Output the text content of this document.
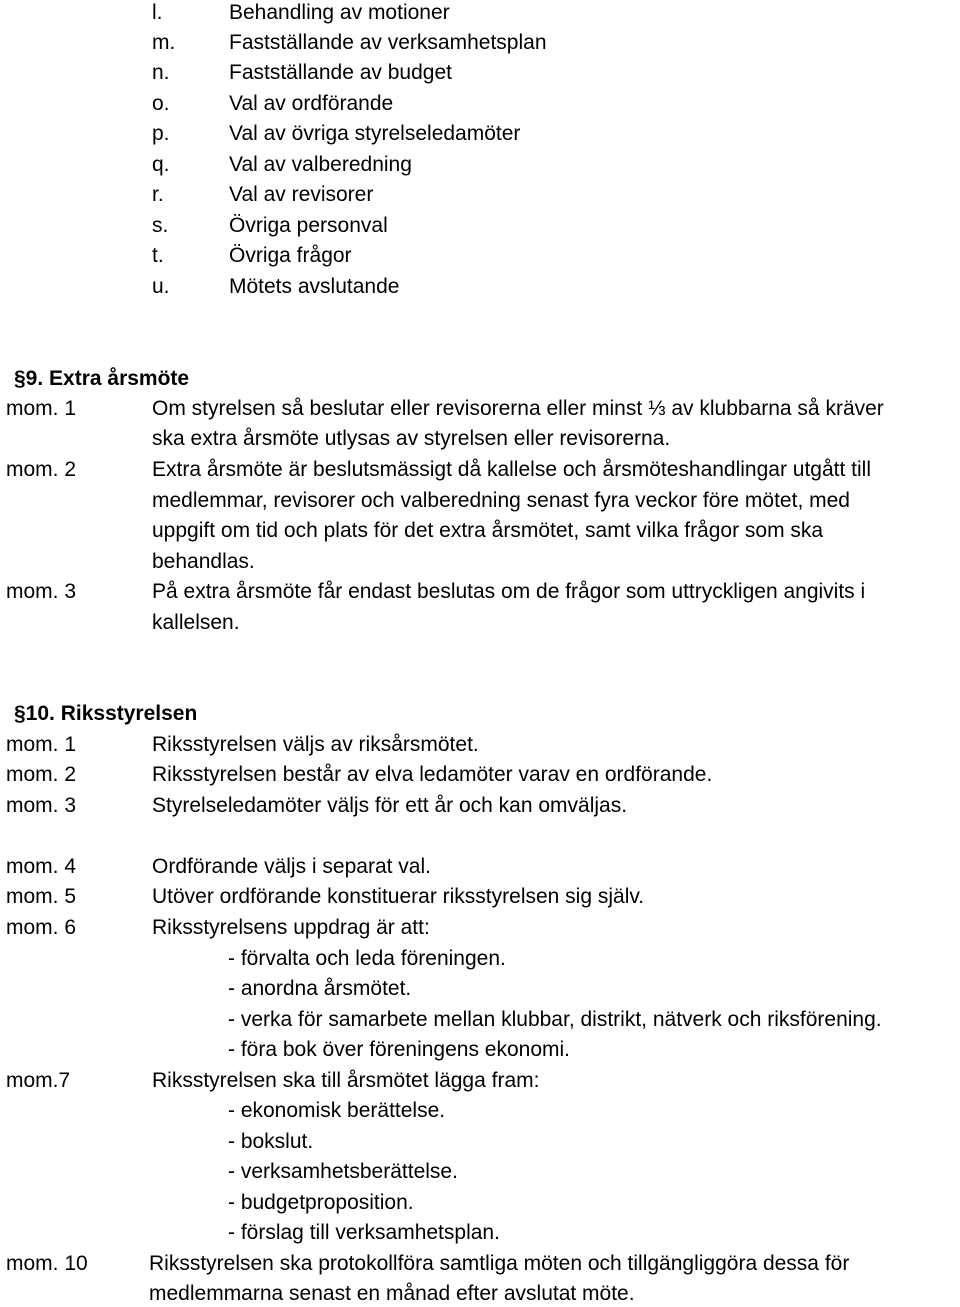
l.	Behandling av motioner
m.	Fastställande av verksamhetsplan
n.	Fastställande av budget
o.	Val av ordförande
p.	Val av övriga styrelseledamöter
q.	Val av valberedning
r.	Val av revisorer
s.	Övriga personval
t.	Övriga frågor
u.	Mötets avslutande
§9. Extra årsmöte
mom. 1	Om styrelsen så beslutar eller revisorerna eller minst ⅓ av klubbarna så kräver
ska extra årsmöte utlysas av styrelsen eller revisorerna.
mom. 2	Extra årsmöte är beslutsmässigt då kallelse och årsmöteshandlingar utgått till
medlemmar, revisorer och valberedning senast fyra veckor före mötet, med
uppgift om tid och plats för det extra årsmötet, samt vilka frågor som ska
behandlas.
mom. 3	På extra årsmöte får endast beslutas om de frågor som uttryckligen angivits i
kallelsen.
§10. Riksstyrelsen
mom. 1	Riksstyrelsen väljs av riksårsmötet.
mom. 2	Riksstyrelsen består av elva ledamöter varav en ordförande.
mom. 3	Styrelseledamöter väljs för ett år och kan omväljas.
mom. 4	Ordförande väljs i separat val.
mom. 5	Utöver ordförande konstituerar riksstyrelsen sig själv.
mom. 6	Riksstyrelsens uppdrag är att:
- förvalta och leda föreningen.
- anordna årsmötet.
- verka för samarbete mellan klubbar, distrikt, nätverk och riksförening.
- föra bok över föreningens ekonomi.
mom.7	Riksstyrelsen ska till årsmötet lägga fram:
- ekonomisk berättelse.
- bokslut.
- verksamhetsberättelse.
- budgetproposition.
- förslag till verksamhetsplan.
mom. 10	Riksstyrelsen ska protokollföra samtliga möten och tillgängliggöra dessa för
medlemmarna senast en månad efter avslutat möte.
